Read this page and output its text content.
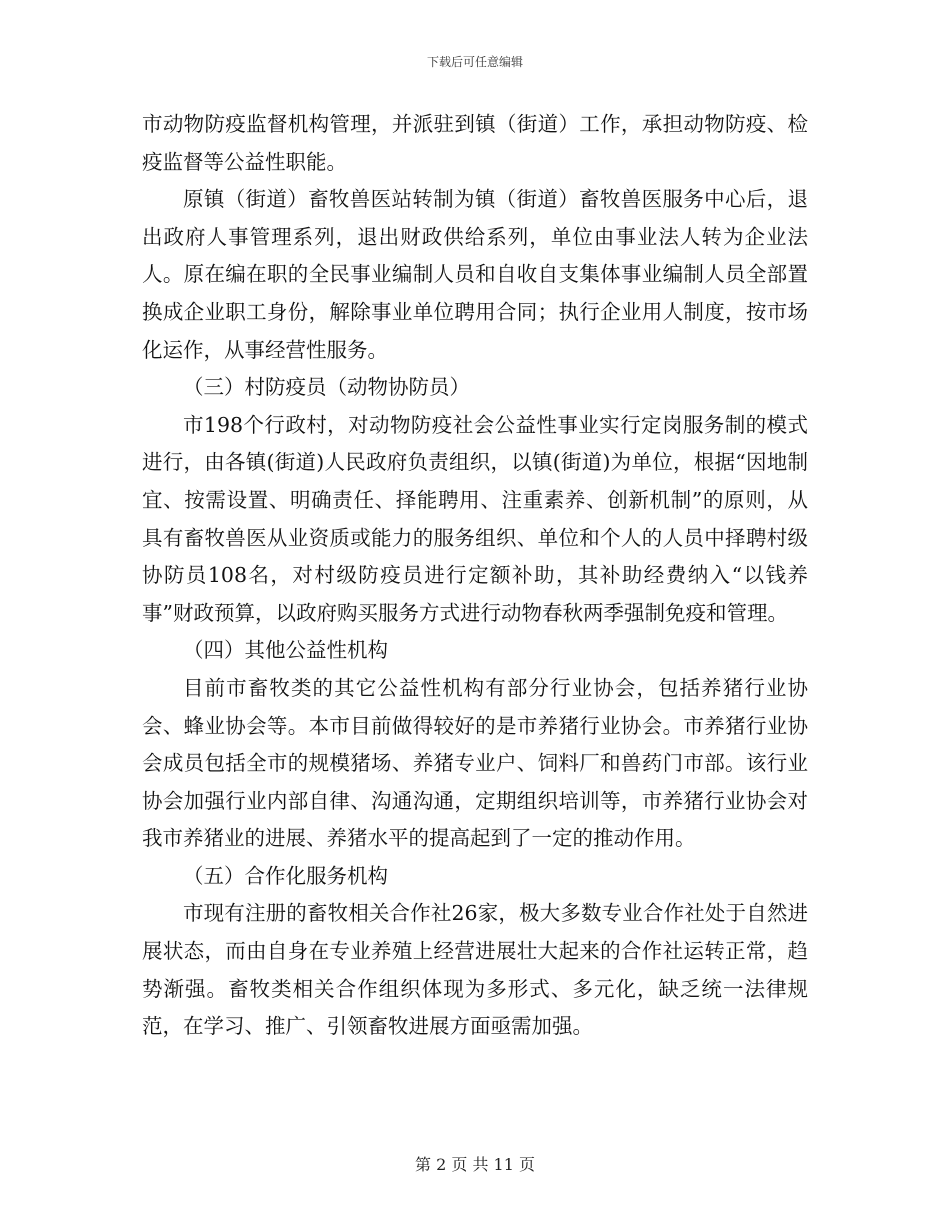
下载后可任意编辑

市动物防疫监督机构管理，并派驻到镇（街道）工作，承担动物防疫、检疫监督等公益性职能。

原镇（街道）畜牧兽医站转制为镇（街道）畜牧兽医服务中心后，退出政府人事管理系列，退出财政供给系列，单位由事业法人转为企业法人。原在编在职的全民事业编制人员和自收自支集体事业编制人员全部置换成企业职工身份，解除事业单位聘用合同；执行企业用人制度，按市场化运作，从事经营性服务。

（三）村防疫员（动物协防员）

市198个行政村，对动物防疫社会公益性事业实行定岗服务制的模式进行，由各镇(街道)人民政府负责组织，以镇(街道)为单位，根据“因地制宜、按需设置、明确责任、择能聘用、注重素养、创新机制”的原则，从具有畜牧兽医从业资质或能力的服务组织、单位和个人的人员中择聘村级协防员108名，对村级防疫员进行定额补助，其补助经费纳入“以钱养事”财政预算，以政府购买服务方式进行动物春秋两季强制免疫和管理。

（四）其他公益性机构

目前市畜牧类的其它公益性机构有部分行业协会，包括养猪行业协会、蜂业协会等。本市目前做得较好的是市养猪行业协会。市养猪行业协会成员包括全市的规模猪场、养猪专业户、饲料厂和兽药门市部。该行业协会加强行业内部自律、沟通沟通，定期组织培训等，市养猪行业协会对我市养猪业的进展、养猪水平的提高起到了一定的推动作用。

（五）合作化服务机构

市现有注册的畜牧相关合作社26家，极大多数专业合作社处于自然进展状态，而由自身在专业养殖上经营进展壮大起来的合作社运转正常，趋势渐强。畜牧类相关合作组织体现为多形式、多元化，缺乏统一法律规范，在学习、推广、引领畜牧进展方面亟需加强。

第 2 页 共 11 页
